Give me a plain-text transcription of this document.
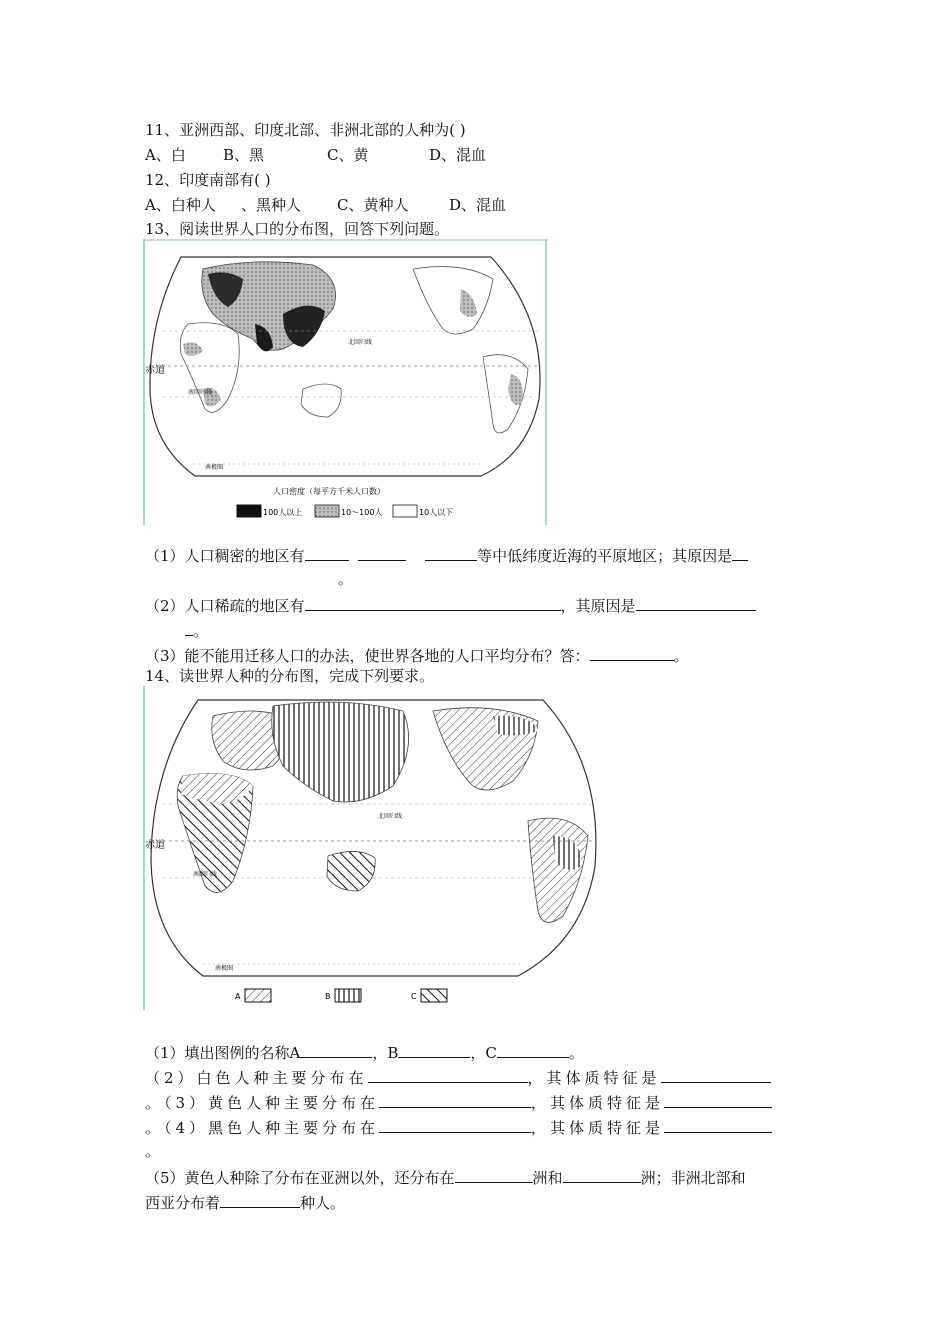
11、亚洲西部、印度北部、非洲北部的人种为( )
A、白 B、黑	C、黄	D、混血
12、印度南部有( )
A、白种人 、黑种人 C、黄种人	D、混血
13、阅读世界人口的分布图，回答下列问题。
赤道
北回归线
南回归线
南极圈
人口密度（每平方千米人口数）
100人以上	10～100人	10人以下
（1）人口稠密的地区有	等中低纬度近海的平原地区；其原因是
。
（2）人口稀疏的地区有	，其原因是
。
（3）能不能用迁移人口的办法，使世界各地的人口平均分布？答：	。
14、读世界人种的分布图，完成下列要求。
赤道
北回归线
南回归线
南极圈
A	B	C
（1）填出图例的名称A	，B	，C	。
（2）白色人种主要分布在	，其体质特征是
。（3）黄色人种主要分布在	，其体质特征是
。（4）黑色人种主要分布在	，其体质特征是
。
（5）黄色人种除了分布在亚洲以外，还分布在	洲和	洲；非洲北部和
西亚分布着	种人。
